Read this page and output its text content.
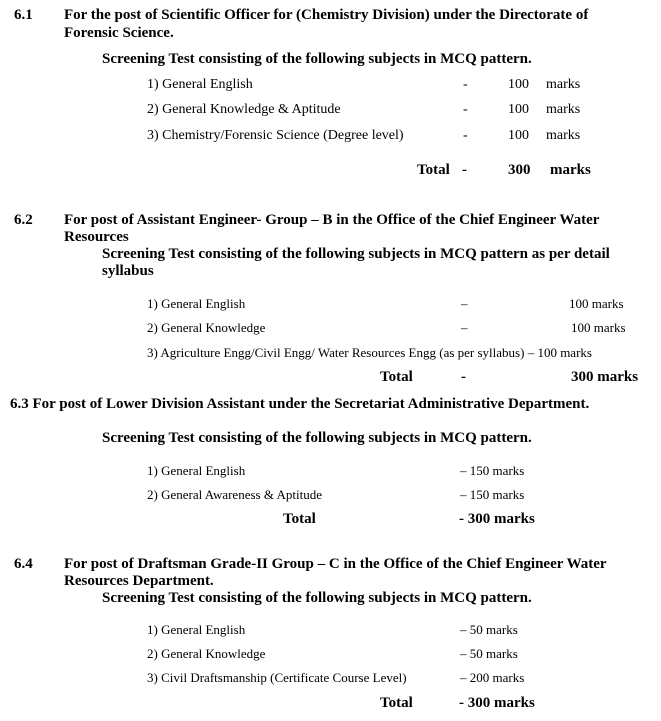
6.1 For the post of Scientific Officer for (Chemistry Division) under the Directorate of
Forensic Science.
Screening Test consisting of the following subjects in MCQ pattern.
1) General English	-	100 marks
2) General Knowledge & Aptitude	-	100 marks
3) Chemistry/Forensic Science (Degree level)	-	100 marks
Total -	300 marks
6.2 For post of Assistant Engineer- Group – B in the Office of the Chief Engineer Water
Resources
Screening Test consisting of the following subjects in MCQ pattern as per detail
syllabus
1) General English	–	100 marks
2) General Knowledge	–	100 marks
3) Agriculture Engg/Civil Engg/ Water Resources Engg (as per syllabus) – 100 marks
Total	-	300 marks
6.3 For post of Lower Division Assistant under the Secretariat Administrative Department.
Screening Test consisting of the following subjects in MCQ pattern.
1) General English	– 150 marks
2) General Awareness & Aptitude	– 150 marks
Total	- 300 marks
6.4 For post of Draftsman Grade-II Group – C in the Office of the Chief Engineer Water
Resources Department.
Screening Test consisting of the following subjects in MCQ pattern.
1) General English	– 50 marks
2) General Knowledge	– 50 marks
3) Civil Draftsmanship (Certificate Course Level)	– 200 marks
Total	- 300 marks
